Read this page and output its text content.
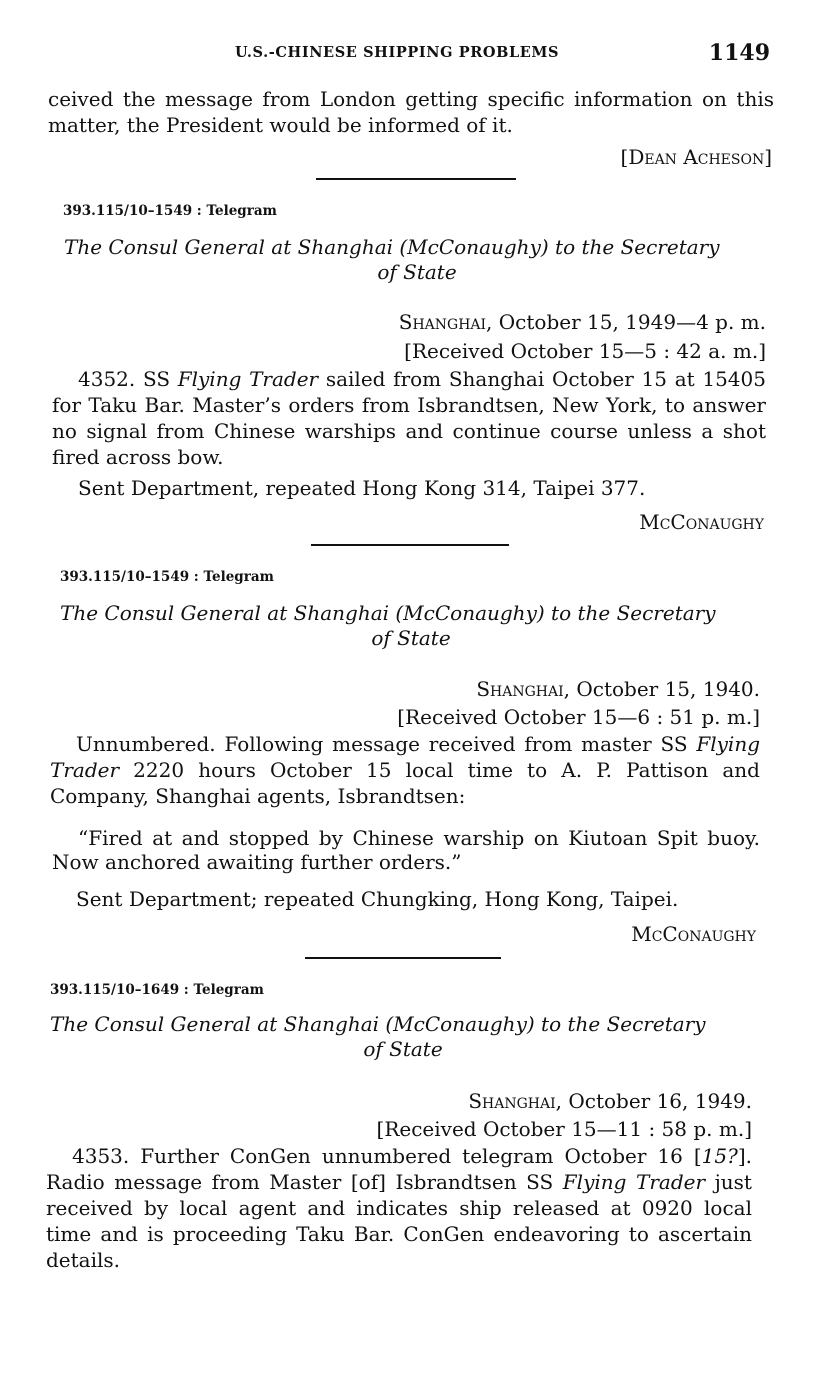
U.S.-CHINESE SHIPPING PROBLEMS	1149
ceived the message from London getting specific information on this matter, the President would be informed of it.
[Dean Acheson]
393.115/10–1549 : Telegram
The Consul General at Shanghai (McConaughy) to the Secretary
of State
Shanghai, October 15, 1949—4 p. m.
[Received October 15—5 : 42 a. m.]
4352. SS Flying Trader sailed from Shanghai October 15 at 15405 for Taku Bar. Master’s orders from Isbrandtsen, New York, to answer no signal from Chinese warships and continue course unless a shot fired across bow.
Sent Department, repeated Hong Kong 314, Taipei 377.
McConaughy
393.115/10–1549 : Telegram
The Consul General at Shanghai (McConaughy) to the Secretary
of State
Shanghai, October 15, 1940.
[Received October 15—6 : 51 p. m.]
Unnumbered. Following message received from master SS Flying Trader 2220 hours October 15 local time to A. P. Pattison and Company, Shanghai agents, Isbrandtsen:
“Fired at and stopped by Chinese warship on Kiutoan Spit buoy. Now anchored awaiting further orders.”
Sent Department; repeated Chungking, Hong Kong, Taipei.
McConaughy
393.115/10–1649 : Telegram
The Consul General at Shanghai (McConaughy) to the Secretary
of State
Shanghai, October 16, 1949.
[Received October 15—11 : 58 p. m.]
4353. Further ConGen unnumbered telegram October 16 [15?]. Radio message from Master [of] Isbrandtsen SS Flying Trader just received by local agent and indicates ship released at 0920 local time and is proceeding Taku Bar. ConGen endeavoring to ascertain details.
